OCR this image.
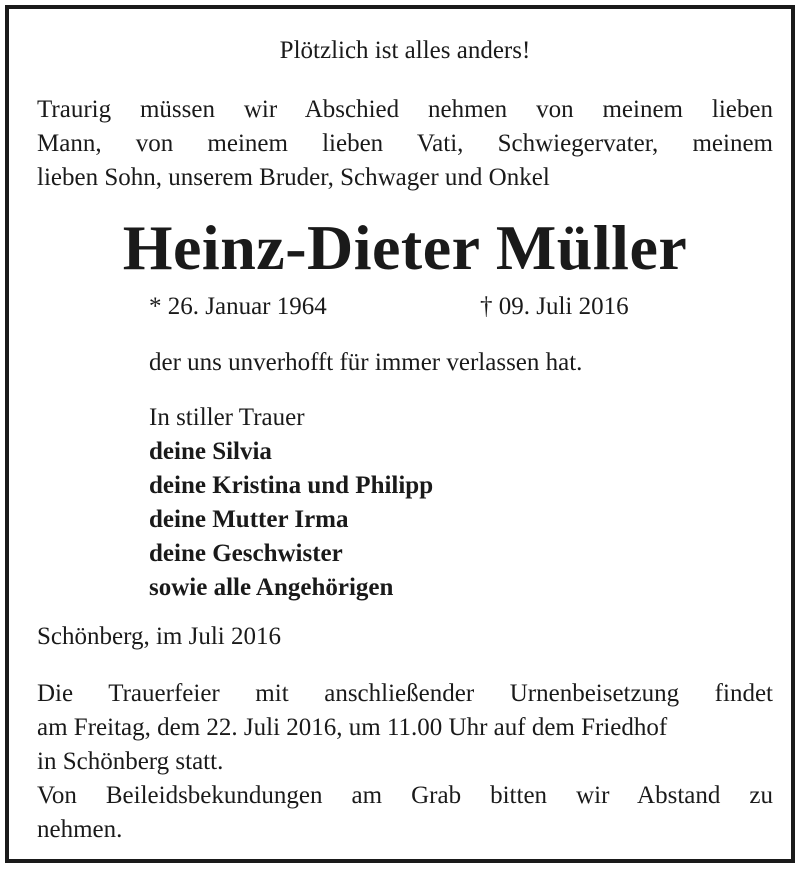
Plötzlich ist alles anders!
Traurig müssen wir Abschied nehmen von meinem lieben
Mann, von meinem lieben Vati, Schwiegervater, meinem
lieben Sohn, unserem Bruder, Schwager und Onkel
Heinz-Dieter Müller
* 26. Januar 1964	† 09. Juli 2016
der uns unverhofft für immer verlassen hat.
In stiller Trauer
deine Silvia
deine Kristina und Philipp
deine Mutter Irma
deine Geschwister
sowie alle Angehörigen
Schönberg, im Juli 2016
Die Trauerfeier mit anschließender Urnenbeisetzung findet
am Freitag, dem 22. Juli 2016, um 11.00 Uhr auf dem Friedhof
in Schönberg statt.
Von Beileidsbekundungen am Grab bitten wir Abstand zu
nehmen.
